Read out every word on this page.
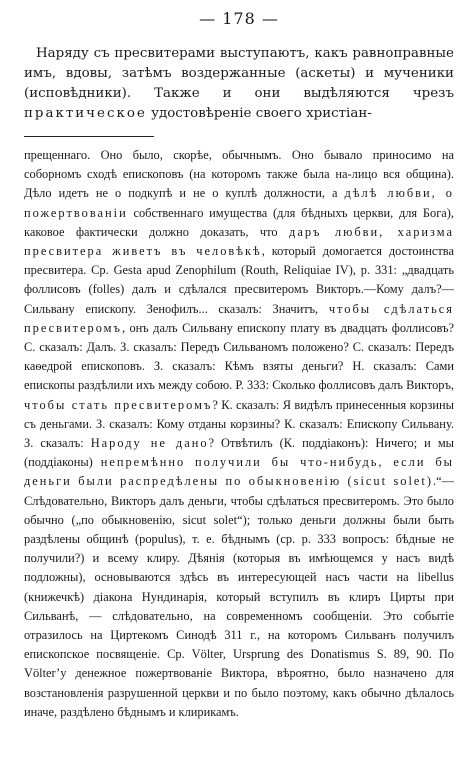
— 178 —

Наряду съ пресвитерами выступаютъ, какъ равноправные имъ, вдовы, затѣмъ воздержанные (аскеты) и мученики (исповѣдники). Также и они выдѣляются чрезъ практическое удостовѣреніе своего христіан-

прещеннаго. Оно было, скорѣе, обычнымъ. Оно бывало приносимо на соборномъ сходѣ епископовъ (на которомъ также была на-лицо вся община). Дѣло идетъ не о подкупѣ и не о куплѣ должности, а дѣлѣ любви, о пожертвованіи собственнаго имущества (для бѣдныхъ церкви, для Бога), каковое фактически должно доказать, что даръ любви, харизма пресвитера живетъ въ человѣкѣ, который домогается достоинства пресвитера. Ср. Gesta apud Zenophilum (Routh, Reliquiae IV), р. 331: „двадцать фоллисовъ (folles) далъ и сдѣлался пресвитеромъ Викторъ.—Кому далъ?—Сильвану епископу. Зенофилъ... сказалъ: Значитъ, чтобы сдѣлаться пресвитеромъ, онъ далъ Сильвану епископу плату въ двадцать фоллисовъ? С. сказалъ: Далъ. З. сказалъ: Передъ Сильваномъ положено? С. сказалъ: Передъ каѳедрой епископовъ. З. сказалъ: Кѣмъ взяты деньги? Н. сказалъ: Сами епископы раздѣлили ихъ между собою. Р. 333: Сколько фоллисовъ далъ Викторъ, чтобы стать пресвитеромъ? К. сказалъ: Я видѣлъ принесенныя корзины съ деньгами. З. сказалъ: Кому отданы корзины? К. сказалъ: Епископу Сильвану. З. сказалъ: Народу не дано? Отвѣтилъ (К. поддіаконъ): Ничего; и мы (поддіаконы) непремѣнно получили бы что-нибудь, если бы деньги были распредѣлены по обыкновенію (sicut solet).“—Слѣдовательно, Викторъ далъ деньги, чтобы сдѣлаться пресвитеромъ. Это было обычно („по обыкновенію, sicut solet“); только деньги должны были быть раздѣлены общинѣ (populus), т. е. бѣднымъ (ср. р. 333 вопросъ: бѣдные не получили?) и всему клиру. Дѣянія (которыя въ имѣющемся у насъ видѣ подложны), основываются здѣсь въ интересующей насъ части на libellus (книжечкѣ) діакона Нундинарія, который вступилъ въ клиръ Цирты при Сильванѣ, — слѣдовательно, на современномъ сообщеніи. Это событіе отразилось на Циртекомъ Синодѣ 311 г., на которомъ Сильванъ получилъ епископское посвященіе. Ср. Völter, Ursprung des Donatismus S. 89, 90. По Völter’у денежное пожертвованіе Виктора, вѣроятно, было назначено для возстановленія разрушенной церкви и по было поэтому, какъ обычно дѣлалось иначе, раздѣлено бѣднымъ и клирикамъ.
